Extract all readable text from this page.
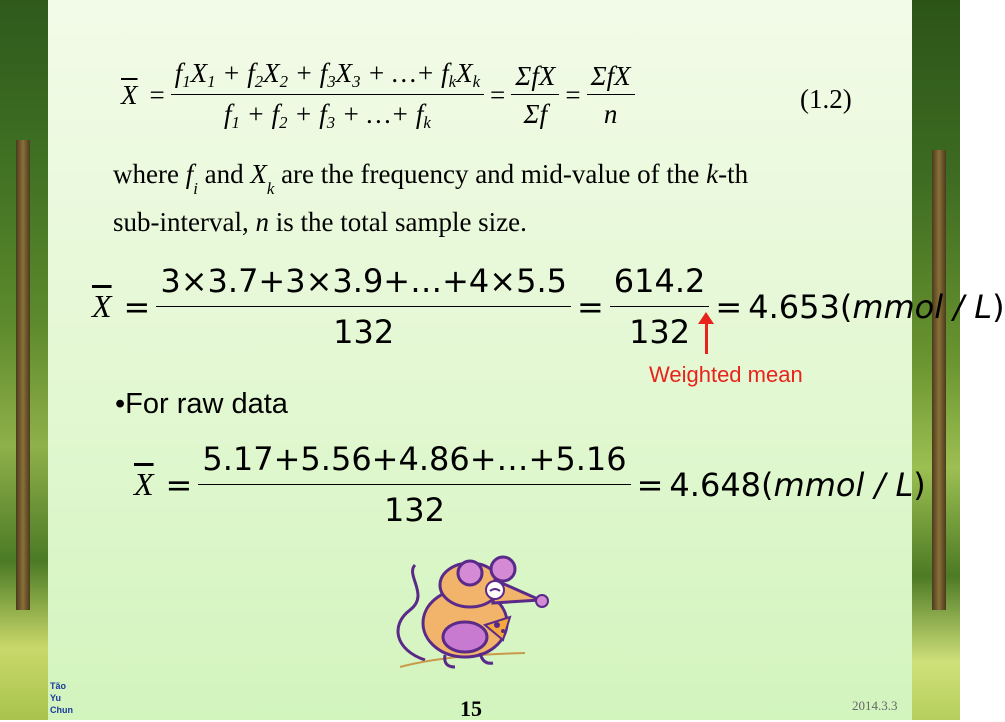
$\overline{X} = \frac{f_1X_1 + f_2X_2 + f_3X_3 + \dots+ f_kX_k}{f_1 + f_2 + f_3 + \dots+ f_k} = \frac{\text{ΣfX}}{\Sigma f} = \frac{\text{ΣfX}}{n}$	(1.2)
where $f_i$ and $X_k$ are the frequency and mid-value of the k-th
sub-interval, n is the total sample size.
$\overline{X} = \frac{3\times 3.7+3\times 3.9+\dots+4\times 5.5}{132} = \frac{614.2}{132}$ = 4.653(mmol / L)
Weighted mean
•For raw data
$\overline{X} = \frac{5.17+5.56+4.86+\dots+5.16}{132}$ = 4.648(mmol / L)
Tão
Yu
Chun	15	2014.3.3
